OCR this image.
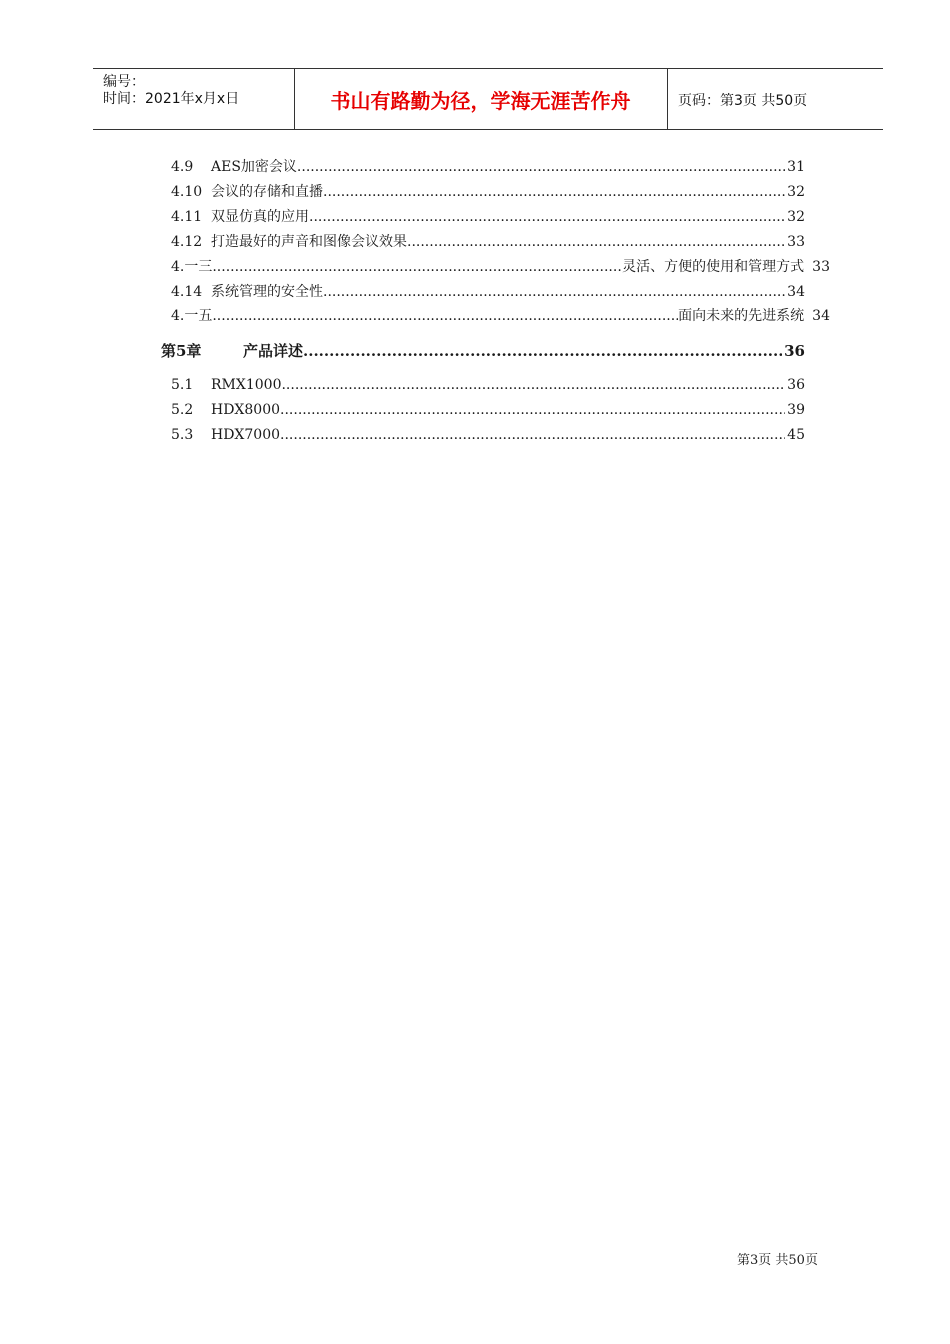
编号：
时间：2021年x月x日	书山有路勤为径，学海无涯苦作舟	页码：第3页 共50页
4.9	AES加密会议 .....	31
4.10 会议的存储和直播 .....	32
4.11 双显仿真的应用 .....	32
4.12 打造最好的声音和图像会议效果 .....	33
4.一三 .....	灵活、方便的使用和管理方式 33
4.14 系统管理的安全性 .....	34
4.一五 .....	面向未来的先进系统 34
第5章	产品详述 .....	36
5.1	RMX1000 .....	36
5.2	HDX8000 .....	39
5.3	HDX7000 .....	45
第3页 共50页
